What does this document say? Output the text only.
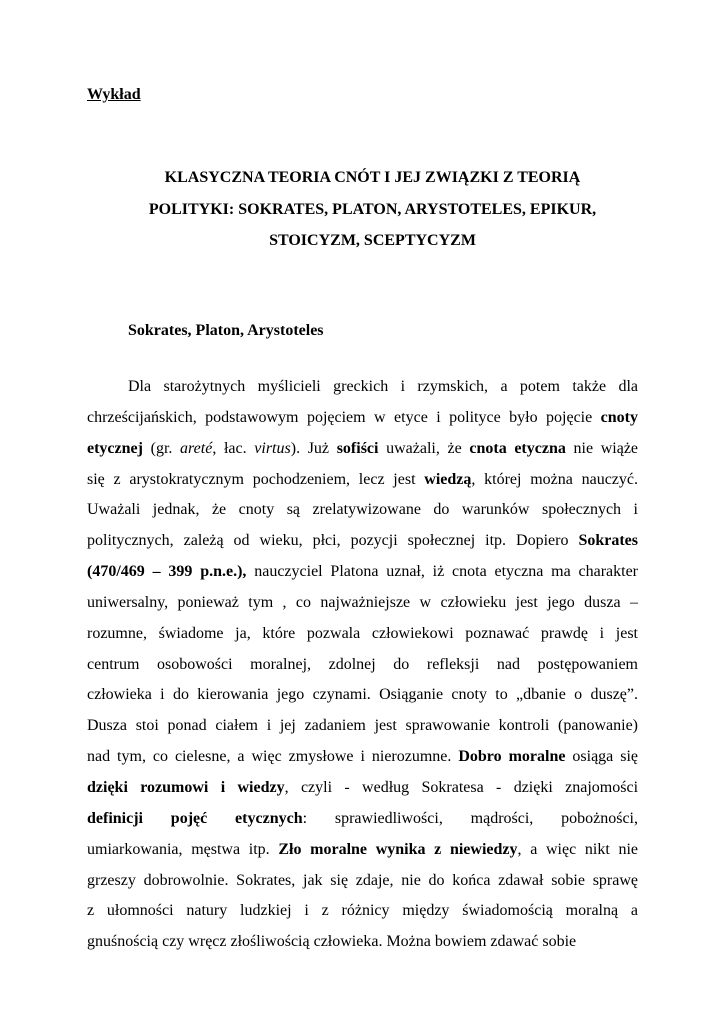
Wykład

KLASYCZNA TEORIA CNÓT I JEJ ZWIĄZKI Z TEORIĄ
POLITYKI: SOKRATES, PLATON, ARYSTOTELES, EPIKUR,
STOICYZM, SCEPTYCYZM
Sokrates, Platon, Arystoteles
Dla starożytnych myślicieli greckich i rzymskich, a potem także dla
chrześcijańskich, podstawowym pojęciem w etyce i polityce było pojęcie cnoty
etycznej (gr. areté, łac. virtus). Już sofiści uważali, że cnota etyczna nie wiąże
się z arystokratycznym pochodzeniem, lecz jest wiedzą, której można nauczyć.
Uważali jednak, że cnoty są zrelatywizowane do warunków społecznych i
politycznych, zależą od wieku, płci, pozycji społecznej itp. Dopiero Sokrates
(470/469 – 399 p.n.e.), nauczyciel Platona uznał, iż cnota etyczna ma charakter
uniwersalny, ponieważ tym , co najważniejsze w człowieku jest jego dusza –
rozumne, świadome ja, które pozwala człowiekowi poznawać prawdę i jest
centrum osobowości moralnej, zdolnej do refleksji nad postępowaniem
człowieka i do kierowania jego czynami. Osiąganie cnoty to „dbanie o duszę”.
Dusza stoi ponad ciałem i jej zadaniem jest sprawowanie kontroli (panowanie)
nad tym, co cielesne, a więc zmysłowe i nierozumne. Dobro moralne osiąga się
dzięki rozumowi i wiedzy, czyli - według Sokratesa - dzięki znajomości
definicji pojęć etycznych: sprawiedliwości, mądrości, pobożności,
umiarkowania, męstwa itp. Zło moralne wynika z niewiedzy, a więc nikt nie
grzeszy dobrowolnie. Sokrates, jak się zdaje, nie do końca zdawał sobie sprawę
z ułomności natury ludzkiej i z różnicy między świadomością moralną a
gnuśnością czy wręcz złośliwością człowieka. Można bowiem zdawać sobie
